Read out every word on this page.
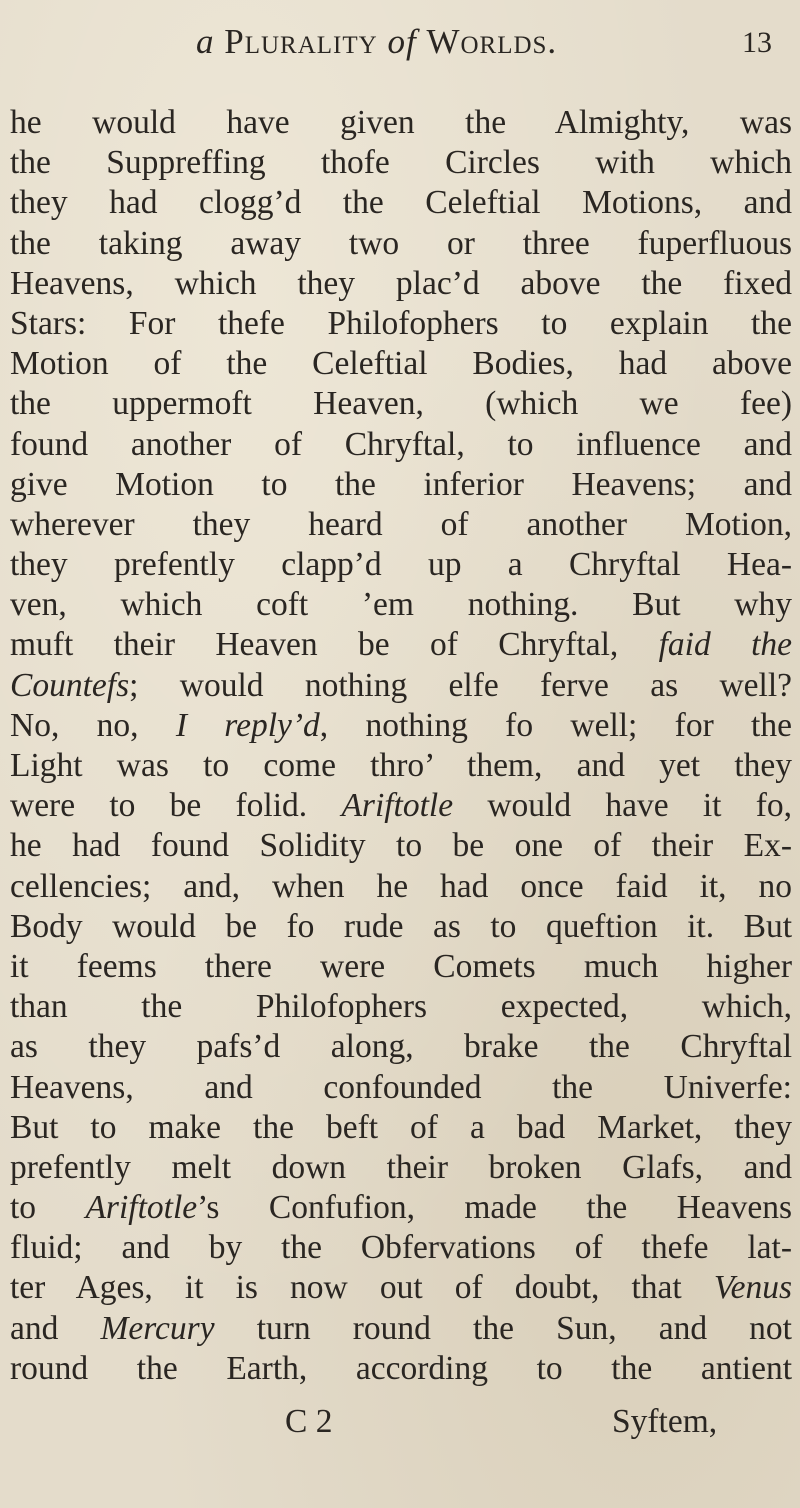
a Plurality of Worlds.	13
he would have given the Almighty, was
the Suppreffing thofe Circles with which
they had clogg’d the Celeftial Motions, and
the taking away two or three fuperfluous
Heavens, which they plac’d above the fixed
Stars: For thefe Philofophers to explain the
Motion of the Celeftial Bodies, had above
the uppermoft Heaven, (which we fee)
found another of Chryftal, to influence and
give Motion to the inferior Heavens; and
wherever they heard of another Motion,
they prefently clapp’d up a Chryftal Hea-
ven, which coft ’em nothing. But why
muft their Heaven be of Chryftal, faid the
Countefs; would nothing elfe ferve as well?
No, no, I reply’d, nothing fo well; for the
Light was to come thro’ them, and yet they
were to be folid. Ariftotle would have it fo,
he had found Solidity to be one of their Ex-
cellencies; and, when he had once faid it, no
Body would be fo rude as to queftion it. But
it feems there were Comets much higher
than the Philofophers expected, which,
as they pafs’d along, brake the Chryftal
Heavens, and confounded the Univerfe:
But to make the beft of a bad Market, they
prefently melt down their broken Glafs, and
to Ariftotle’s Confufion, made the Heavens
fluid; and by the Obfervations of thefe lat-
ter Ages, it is now out of doubt, that Venus
and Mercury turn round the Sun, and not
round the Earth, according to the antient
C 2	Syftem,
